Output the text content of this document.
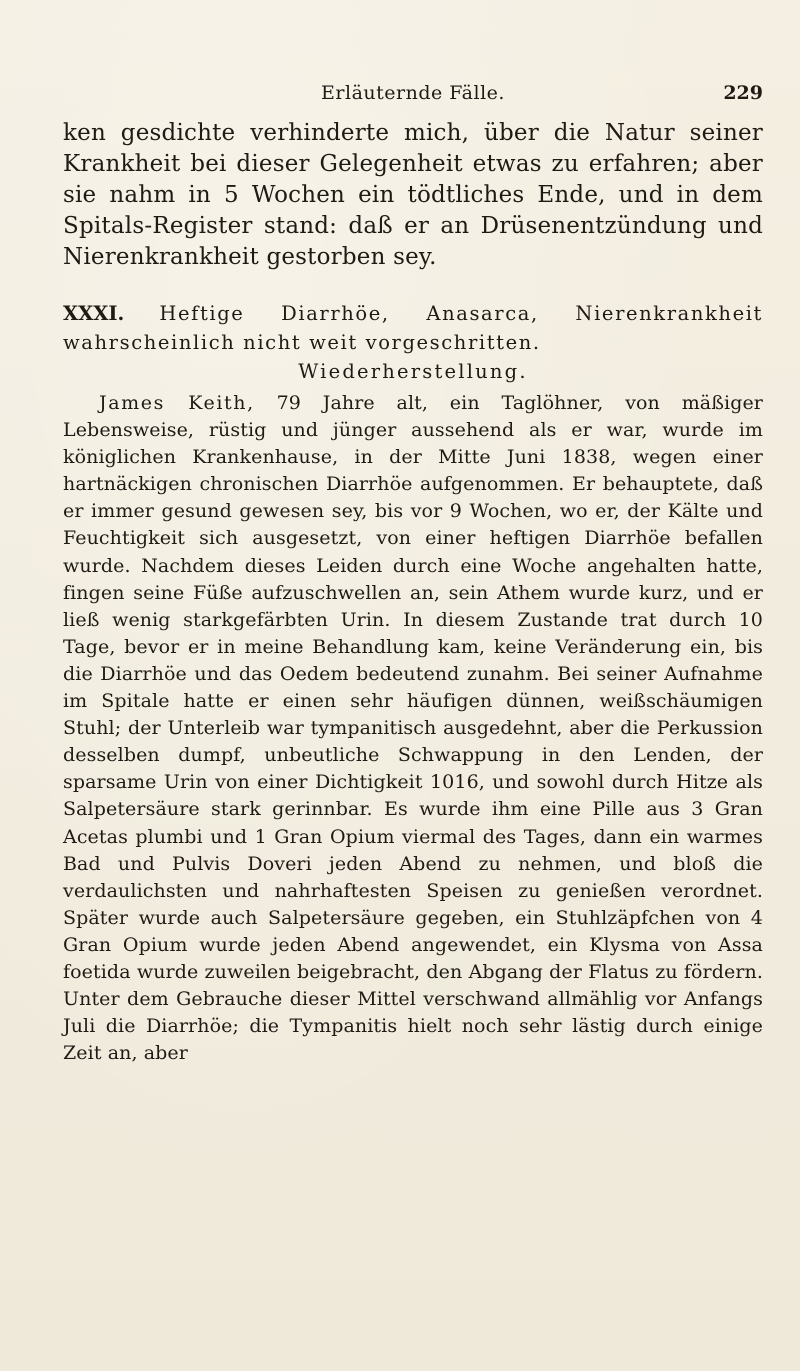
Erläuternde Fälle.	229

ken gesdichte verhinderte mich, über die Natur seiner Krankheit bei dieser Gelegenheit etwas zu erfahren; aber sie nahm in 5 Wochen ein tödtliches Ende, und in dem Spitals-Register stand: daß er an Drüsenentzündung und Nierenkrankheit gestorben sey.

XXXI. Heftige Diarrhöe, Anasarca, Nierenkrankheit wahrscheinlich nicht weit vorgeschritten.

Wiederherstellung.

James Keith, 79 Jahre alt, ein Taglöhner, von mäßiger Lebensweise, rüstig und jünger aussehend als er war, wurde im königlichen Krankenhause, in der Mitte Juni 1838, wegen einer hartnäckigen chronischen Diarrhöe aufgenommen. Er behauptete, daß er immer gesund gewesen sey, bis vor 9 Wochen, wo er, der Kälte und Feuchtigkeit sich ausgesetzt, von einer heftigen Diarrhöe befallen wurde. Nachdem dieses Leiden durch eine Woche angehalten hatte, fingen seine Füße aufzuschwellen an, sein Athem wurde kurz, und er ließ wenig starkgefärbten Urin. In diesem Zustande trat durch 10 Tage, bevor er in meine Behandlung kam, keine Veränderung ein, bis die Diarrhöe und das Oedem bedeutend zunahm. Bei seiner Aufnahme im Spitale hatte er einen sehr häufigen dünnen, weißschäumigen Stuhl; der Unterleib war tympanitisch ausgedehnt, aber die Perkussion desselben dumpf, unbeutliche Schwappung in den Lenden, der sparsame Urin von einer Dichtigkeit 1016, und sowohl durch Hitze als Salpetersäure stark gerinnbar. Es wurde ihm eine Pille aus 3 Gran Acetas plumbi und 1 Gran Opium viermal des Tages, dann ein warmes Bad und Pulvis Doveri jeden Abend zu nehmen, und bloß die verdaulichsten und nahrhaftesten Speisen zu genießen verordnet. Später wurde auch Salpetersäure gegeben, ein Stuhlzäpfchen von 4 Gran Opium wurde jeden Abend angewendet, ein Klysma von Assa foetida wurde zuweilen beigebracht, den Abgang der Flatus zu fördern. Unter dem Gebrauche dieser Mittel verschwand allmählig vor Anfangs Juli die Diarrhöe; die Tympanitis hielt noch sehr lästig durch einige Zeit an, aber
